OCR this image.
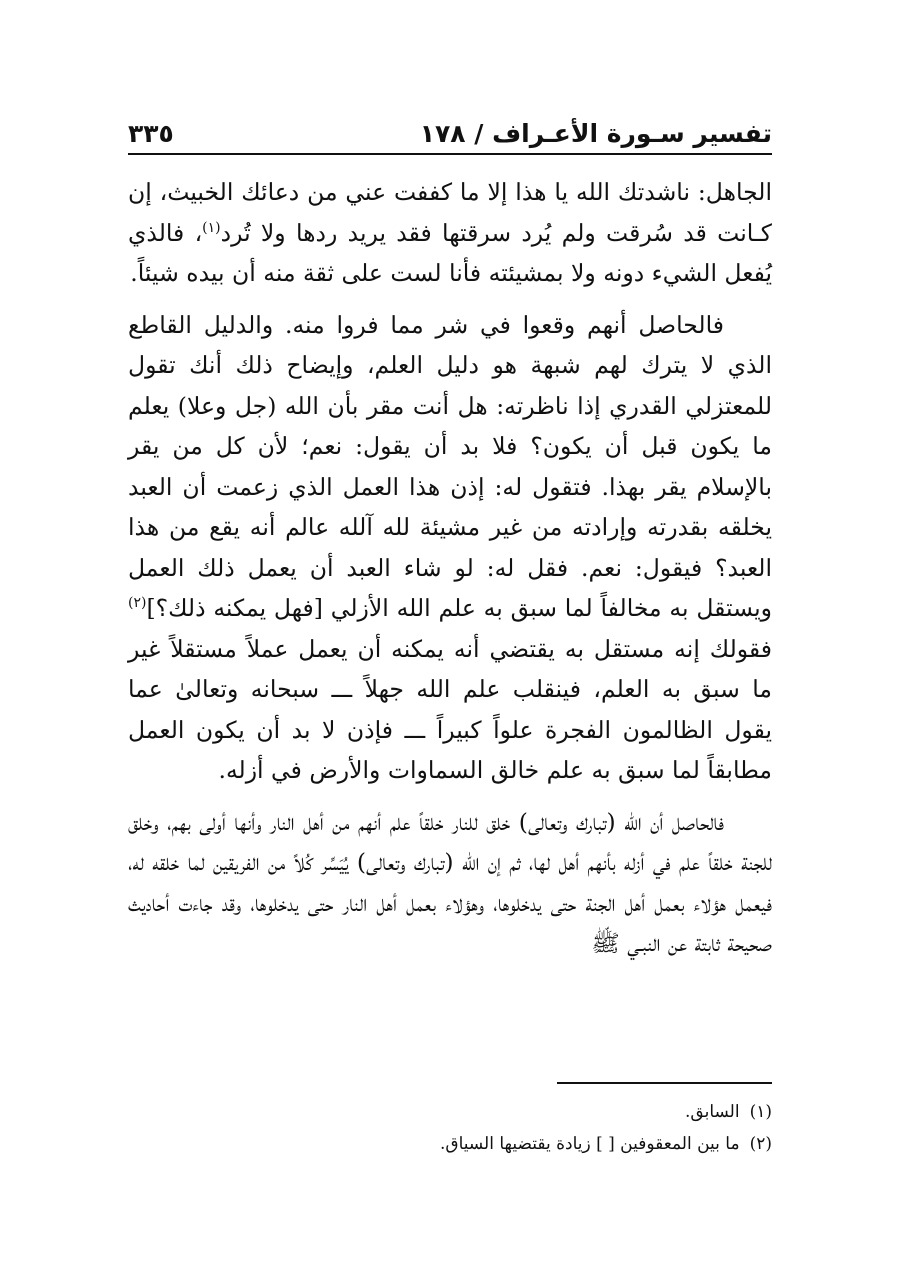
تفسير سـورة الأعـراف / ١٧٨
٣٣٥

الجاهل: ناشدتك الله يا هذا إلا ما كففت عني من دعائك الخبيث، إن كـانت قد سُرقت ولم يُرد سرقتها فقد يريد ردها ولا تُرد$^{(١)}$، فالذي يُفعل الشيء دونه ولا بمشيئته فأنا لست على ثقة منه أن بيده شيئاً.

فالحاصل أنهم وقعوا في شر مما فروا منه. والدليل القاطع الذي لا يترك لهم شبهة هو دليل العلم، وإيضاح ذلك أنك تقول للمعتزلي القدري إذا ناظرته: هل أنت مقر بأن الله (جل وعلا) يعلم ما يكون قبل أن يكون؟ فلا بد أن يقول: نعم؛ لأن كل من يقر بالإسلام يقر بهذا. فتقول له: إذن هذا العمل الذي زعمت أن العبد يخلقه بقدرته وإرادته من غير مشيئة لله آلله عالم أنه يقع من هذا العبد؟ فيقول: نعم. فقل له: لو شاء العبد أن يعمل ذلك العمل ويستقل به مخالفاً لما سبق به علم الله الأزلي [فهل يمكنه ذلك؟]$^{(٢)}$ فقولك إنه مستقل به يقتضي أنه يمكنه أن يعمل عملاً مستقلاً غير ما سبق به العلم، فينقلب علم الله جهلاً ـــ سبحانه وتعالىٰ عما يقول الظالمون الفجرة علواً كبيراً ـــ فإذن لا بد أن يكون العمل مطابقاً لما سبق به علم خالق السماوات والأرض في أزله.

فالحاصل أن الله (تبارك وتعالى) خلق للنار خلقاً علم أنهم من أهل النار وأنها أولى بهم، وخلق للجنة خلقاً علم في أزله بأنهم أهل لها، ثم إن الله (تبارك وتعالى) يُيَسِّر كُلاً من الفريقين لما خلقه له، فيعمل هؤلاء بعمل أهل الجنة حتى يدخلوها، وهؤلاء بعمل أهل النار حتى يدخلوها، وقد جاءت أحاديث صحيحة ثابتة عن النبـي ﷺ

(١)السابق.
(٢)ما بين المعقوفين [ ] زيادة يقتضيها السياق.
